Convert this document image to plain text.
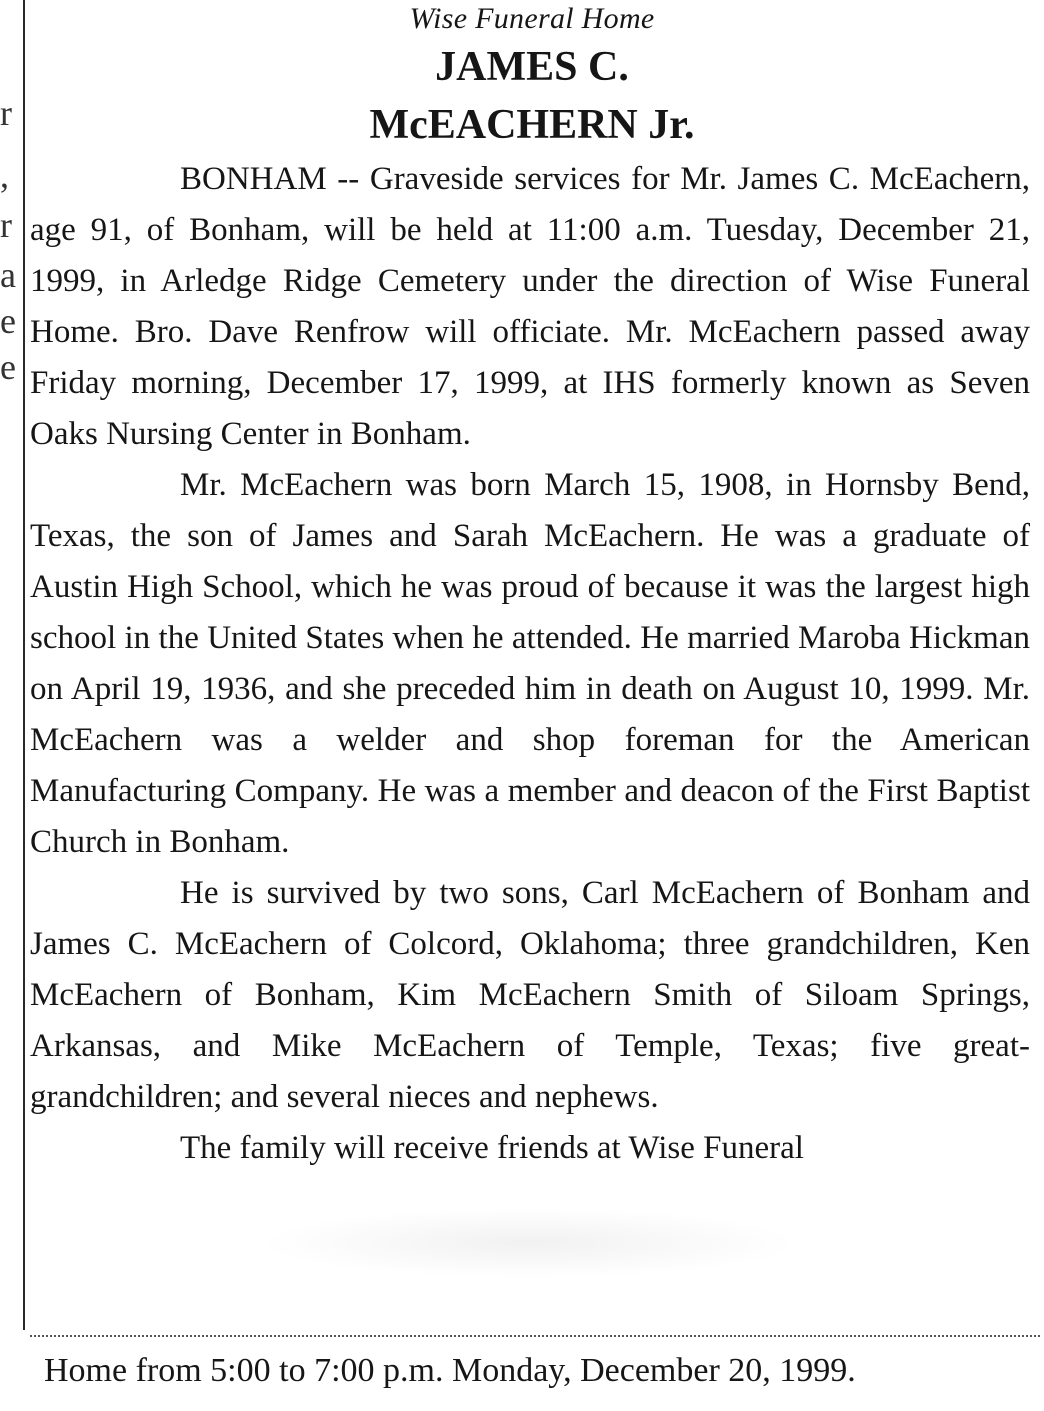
r
,
r
a
e
e

Wise Funeral Home

JAMES C.

McEACHERN Jr.

BONHAM -- Graveside services for Mr. James C. McEachern, age 91, of Bonham, will be held at 11:00 a.m. Tuesday, December 21, 1999, in Arledge Ridge Cemetery under the direction of Wise Funeral Home. Bro. Dave Renfrow will officiate. Mr. McEachern passed away Friday morning, December 17, 1999, at IHS formerly known as Seven Oaks Nursing Center in Bonham.

Mr. McEachern was born March 15, 1908, in Hornsby Bend, Texas, the son of James and Sarah McEachern. He was a graduate of Austin High School, which he was proud of because it was the largest high school in the United States when he attended. He married Maroba Hickman on April 19, 1936, and she preceded him in death on August 10, 1999. Mr. McEachern was a welder and shop foreman for the American Manufacturing Company. He was a member and deacon of the First Baptist Church in Bonham.

He is survived by two sons, Carl McEachern of Bonham and James C. McEachern of Colcord, Oklahoma; three grandchildren, Ken McEachern of Bonham, Kim McEachern Smith of Siloam Springs, Arkansas, and Mike McEachern of Temple, Texas; five great-grandchildren; and several nieces and nephews.

The family will receive friends at Wise Funeral

Home from 5:00 to 7:00 p.m. Monday, December 20, 1999.
